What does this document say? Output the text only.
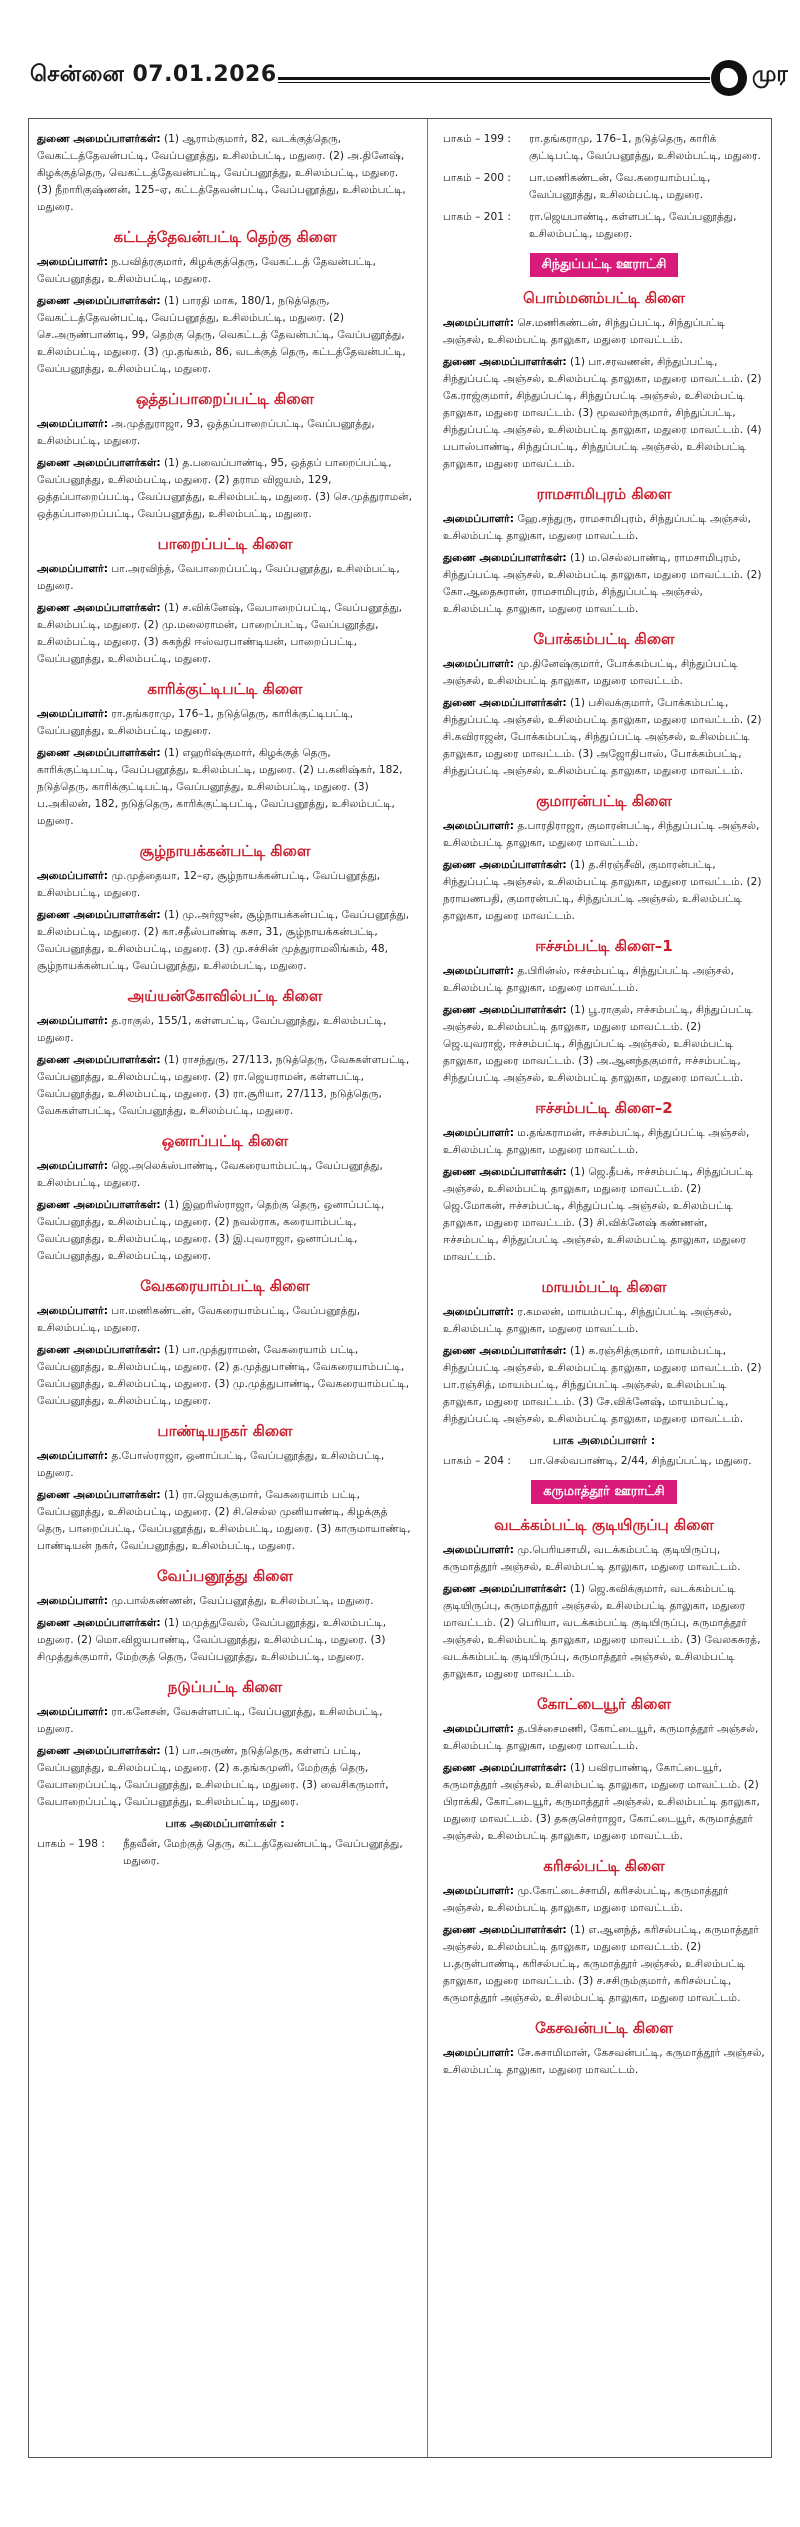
சென்னை 07.01.2026	முர

துணை அமைப்பாளர்கள்: (1) ஆராம்குமார், 82, வடக்குத்தெரு, வேகட்டத்தேவன்பட்டி, வேப்பனூத்து, உசிலம்பட்டி, மதுரை. (2) அ.தினேஷ், கிழக்குத்தெரு, வெகட்டத்தேவன்பட்டி, வேப்பனூத்து, உசிலம்பட்டி, மதுரை. (3) நீறாரிகுஷ்ணன், 125–ஏ, கட்டத்தேவன்பட்டி, வேப்பனூத்து, உசிலம்பட்டி, மதுரை.

கட்டத்தேவன்பட்டி தெற்கு கிளை

அமைப்பாளர்: ந.பவித்ரகுமார், கிழக்குத்தெரு, வேகட்டத் தேவன்பட்டி, வேப்பனூத்து, உசிலம்பட்டி, மதுரை.

துணை அமைப்பாளர்கள்: (1) பாரதி மாக, 180/1, நடுத்தெரு, வேகட்டத்தேவன்பட்டி, வேப்பனூத்து, உசிலம்பட்டி, மதுரை. (2) செ.அருண்பாண்டி, 99, தெற்கு தெரு, வெகட்டத் தேவன்பட்டி, வேப்பனூத்து, உசிலம்பட்டி, மதுரை. (3) மு.தங்கம், 86, வடக்குத் தெரு, கட்டத்தேவன்பட்டி, வேப்பனூத்து, உசிலம்பட்டி, மதுரை.

ஒத்தப்பாறைப்பட்டி கிளை

அமைப்பாளர்: அ.முத்துராஜா, 93, ஒத்தப்பாறைப்பட்டி, வேப்பனூத்து, உசிலம்பட்டி, மதுரை.

துணை அமைப்பாளர்கள்: (1) த.பவைப்பாண்டி, 95, ஒத்தப் பாறைப்பட்டி, வேப்பனூத்து, உசிலம்பட்டி, மதுரை. (2) தராம விஜயம், 129, ஒத்தப்பாறைப்பட்டி, வேப்பனூத்து, உசிலம்பட்டி, மதுரை. (3) செ.முத்துராமன், ஒத்தப்பாறைப்பட்டி, வேப்பனூத்து, உசிலம்பட்டி, மதுரை.

பாறைப்பட்டி கிளை

அமைப்பாளர்: பா.அரவிந்த், வேபாறைப்பட்டி, வேப்பனூத்து, உசிலம்பட்டி, மதுரை.

துணை அமைப்பாளர்கள்: (1) ச.விக்னேஷ், வேபாறைப்பட்டி, வேப்பனூத்து, உசிலம்பட்டி, மதுரை. (2) மு.மலைராமன், பாறைப்பட்டி, வேப்பனூத்து, உசிலம்பட்டி, மதுரை. (3) சுகந்தி ஈஸ்வரபாண்டியன், பாறைப்பட்டி, வேப்பனூத்து, உசிலம்பட்டி, மதுரை.

காரிக்குட்டிபட்டி கிளை

அமைப்பாளர்: ரா.தங்கராமு, 176–1, நடுத்தெரு, காரிக்குட்டிபட்டி, வேப்பனூத்து, உசிலம்பட்டி, மதுரை.

துணை அமைப்பாளர்கள்: (1) எஹரிஷ்குமார், கிழக்குத் தெரு, காரிக்குட்டிபட்டி, வேப்பனூத்து, உசிலம்பட்டி, மதுரை. (2) ப.கனிஷ்கர், 182, நடுத்தெரு, காரிக்குட்டிபட்டி, வேப்பனூத்து, உசிலம்பட்டி, மதுரை. (3) ப.அகிலன், 182, நடுத்தெரு, காரிக்குட்டிபட்டி, வேப்பனூத்து, உசிலம்பட்டி, மதுரை.

சூழ்நாயக்கன்பட்டி கிளை

அமைப்பாளர்: மு.முத்தையா, 12–ஏ, சூழ்நாயக்கன்பட்டி, வேப்பனூத்து, உசிலம்பட்டி, மதுரை.

துணை அமைப்பாளர்கள்: (1) மு.அர்ஜுன், சூழ்நாயக்கன்பட்டி, வேப்பனூத்து, உசிலம்பட்டி, மதுரை. (2) கா.சதீஸ்பாண்டி கசா, 31, சூழ்நாயக்கன்பட்டி, வேப்பனூத்து, உசிலம்பட்டி, மதுரை. (3) மு.சச்சின் முத்துராமலிங்கம், 48, சூழ்நாயக்கன்பட்டி, வேப்பனூத்து, உசிலம்பட்டி, மதுரை.

அய்யன்கோவில்பட்டி கிளை

அமைப்பாளர்: த.ராகுல், 155/1, கள்ளபட்டி, வேப்பனூத்து, உசிலம்பட்டி, மதுரை.

துணை அமைப்பாளர்கள்: (1) ராசந்துரு, 27/113, நடுத்தெரு, வேசுகள்ளபட்டி, வேப்பனூத்து, உசிலம்பட்டி, மதுரை. (2) ரா.ஜெயராமன், கள்ளபட்டி, வேப்பனூத்து, உசிலம்பட்டி, மதுரை. (3) ரா.சூரியா, 27/113, நடுத்தெரு, வேசுகள்ளபட்டி, வேப்பனூத்து, உசிலம்பட்டி, மதுரை.

ஒனாப்பட்டி கிளை

அமைப்பாளர்: ஜெ.அலெக்ஸ்பாண்டி, வேகரையாம்பட்டி, வேப்பனூத்து, உசிலம்பட்டி, மதுரை.

துணை அமைப்பாளர்கள்: (1) இஹரிஸ்ராஜா, தெற்கு தெரு, ஒனாப்பட்டி, வேப்பனூத்து, உசிலம்பட்டி, மதுரை. (2) நவல்ராக, கரையாம்பட்டி, வேப்பனூத்து, உசிலம்பட்டி, மதுரை. (3) இ.புவராஜா, ஒனாப்பட்டி, வேப்பனூத்து, உசிலம்பட்டி, மதுரை.

வேகரையாம்பட்டி கிளை

அமைப்பாளர்: பா.மணிகண்டன், வேகரையாம்பட்டி, வேப்பனூத்து, உசிலம்பட்டி, மதுரை.

துணை அமைப்பாளர்கள்: (1) பா.முத்துராமன், வேகரையாம் பட்டி, வேப்பனூத்து, உசிலம்பட்டி, மதுரை. (2) த.முத்துபாண்டி, வேகரையாம்பட்டி, வேப்பனூத்து, உசிலம்பட்டி, மதுரை. (3) மு.முத்துபாண்டி, வேகரையாம்பட்டி, வேப்பனூத்து, உசிலம்பட்டி, மதுரை.

பாண்டியநகர் கிளை

அமைப்பாளர்: த.போஸ்ராஜா, ஒனாப்பட்டி, வேப்பனூத்து, உசிலம்பட்டி, மதுரை.

துணை அமைப்பாளர்கள்: (1) ரா.ஜெயக்குமார், வேகரையாம் பட்டி, வேப்பனூத்து, உசிலம்பட்டி, மதுரை. (2) சி.செல்ல முனியாண்டி, கிழக்குத் தெரு, பாறைப்பட்டி, வேப்பனூத்து, உசிலம்பட்டி, மதுரை. (3) காருமாயாண்டி, பாண்டியன் நகர், வேப்பனூத்து, உசிலம்பட்டி, மதுரை.

வேப்பனூத்து கிளை

அமைப்பாளர்: மு.பால்கண்ணன், வேப்பனூத்து, உசிலம்பட்டி, மதுரை.

துணை அமைப்பாளர்கள்: (1) மமுத்துவேல், வேப்பனூத்து, உசிலம்பட்டி, மதுரை. (2) மொ.விஜயபாண்டி, வேப்பனூத்து, உசிலம்பட்டி, மதுரை. (3) சிமுத்துக்குமார், மேற்குத் தெரு, வேப்பனூத்து, உசிலம்பட்டி, மதுரை.

நடுப்பட்டி கிளை

அமைப்பாளர்: ரா.கனேசன், வேசுள்ளபட்டி, வேப்பனூத்து, உசிலம்பட்டி, மதுரை.

துணை அமைப்பாளர்கள்: (1) பா.அருண், நடுத்தெரு, கள்ளப் பட்டி, வேப்பனூத்து, உசிலம்பட்டி, மதுரை. (2) க.தங்கமுனி, மேற்குத் தெரு, வேபாறைப்பட்டி, வேப்பனூத்து, உசிலம்பட்டி, மதுரை. (3) வைசிகருமார், வேபாறைப்பட்டி, வேப்பனூத்து, உசிலம்பட்டி, மதுரை.

பாக அமைப்பாளர்கள் :
பாகம் – 198 :	நீதவீன், மேற்குத் தெரு, கட்டத்தேவன்பட்டி, வேப்பனூத்து, மதுரை.
பாகம் – 199 :	ரா.தங்கராமு, 176–1, நடுத்தெரு, காரிக் குட்டிபட்டி, வேப்பனூத்து, உசிலம்பட்டி, மதுரை.
பாகம் – 200 :	பா.மணிகண்டன், வே.கரையாம்பட்டி, வேப்பனூத்து, உசிலம்பட்டி, மதுரை.
பாகம் – 201 :	ரா.ஜெயபாண்டி, கள்ளபட்டி, வேப்பனூத்து, உசிலம்பட்டி, மதுரை.
சிந்துப்பட்டி ஊராட்சி
பொம்மனம்பட்டி கிளை

அமைப்பாளர்: செ.மணிகண்டன், சிந்துப்பட்டி, சிந்துப்பட்டி அஞ்சல், உசிலம்பட்டி தாலுகா, மதுரை மாவட்டம்.

துணை அமைப்பாளர்கள்: (1) பா.சரவணன், சிந்துப்பட்டி, சிந்துப்பட்டி அஞ்சல், உசிலம்பட்டி தாலுகா, மதுரை மாவட்டம். (2) கே.ராஜ்குமார், சிந்துப்பட்டி, சிந்துப்பட்டி அஞ்சல், உசிலம்பட்டி தாலுகா, மதுரை மாவட்டம். (3) மூவலர்நகுமார், சிந்துப்பட்டி, சிந்துப்பட்டி அஞ்சல், உசிலம்பட்டி தாலுகா, மதுரை மாவட்டம். (4) பபாஸ்பாண்டி, சிந்துப்பட்டி, சிந்துப்பட்டி அஞ்சல், உசிலம்பட்டி தாலுகா, மதுரை மாவட்டம்.

ராமசாமிபுரம் கிளை

அமைப்பாளர்: ஹே.சந்துரு, ராமசாமிபுரம், சிந்துப்பட்டி அஞ்சல், உசிலம்பட்டி தாலுகா, மதுரை மாவட்டம்.

துணை அமைப்பாளர்கள்: (1) ம.செல்லபாண்டி, ராமசாமிபுரம், சிந்துப்பட்டி அஞ்சல், உசிலம்பட்டி தாலுகா, மதுரை மாவட்டம். (2) கோ.ஆதைசுரான், ராமசாமிபுரம், சிந்துப்பட்டி அஞ்சல், உசிலம்பட்டி தாலுகா, மதுரை மாவட்டம்.

போக்கம்பட்டி கிளை

அமைப்பாளர்: மு.தினேஷ்குமார், போக்கம்பட்டி, சிந்துப்பட்டி அஞ்சல், உசிலம்பட்டி தாலுகா, மதுரை மாவட்டம்.

துணை அமைப்பாளர்கள்: (1) பசிவக்குமார், போக்கம்பட்டி, சிந்துப்பட்டி அஞ்சல், உசிலம்பட்டி தாலுகா, மதுரை மாவட்டம். (2) சி.கவிராஜன், போக்கம்பட்டி, சிந்துப்பட்டி அஞ்சல், உசிலம்பட்டி தாலுகா, மதுரை மாவட்டம். (3) அஜோதிபாஸ், போக்கம்பட்டி, சிந்துப்பட்டி அஞ்சல், உசிலம்பட்டி தாலுகா, மதுரை மாவட்டம்.

குமாரன்பட்டி கிளை

அமைப்பாளர்: த.பாரதிராஜா, குமாரன்பட்டி, சிந்துப்பட்டி அஞ்சல், உசிலம்பட்டி தாலுகா, மதுரை மாவட்டம்.

துணை அமைப்பாளர்கள்: (1) த.சிரஞ்சீவி, குமாரன்பட்டி, சிந்துப்பட்டி அஞ்சல், உசிலம்பட்டி தாலுகா, மதுரை மாவட்டம். (2) நராயணபதி, குமாரன்பட்டி, சிந்துப்பட்டி அஞ்சல், உசிலம்பட்டி தாலுகா, மதுரை மாவட்டம்.

ஈச்சம்பட்டி கிளை–1

அமைப்பாளர்: த.பிரின்ஸ், ஈச்சம்பட்டி, சிந்துப்பட்டி அஞ்சல், உசிலம்பட்டி தாலுகா, மதுரை மாவட்டம்.

துணை அமைப்பாளர்கள்: (1) பூ.ராகுல், ஈச்சம்பட்டி, சிந்துப்பட்டி அஞ்சல், உசிலம்பட்டி தாலுகா, மதுரை மாவட்டம். (2) ஜெ.யுவராஜ், ஈச்சம்பட்டி, சிந்துப்பட்டி அஞ்சல், உசிலம்பட்டி தாலுகா, மதுரை மாவட்டம். (3) அ.ஆனந்தகுமார், ஈச்சம்பட்டி, சிந்துப்பட்டி அஞ்சல், உசிலம்பட்டி தாலுகா, மதுரை மாவட்டம்.

ஈச்சம்பட்டி கிளை–2

அமைப்பாளர்: ம.தங்கராமன், ஈச்சம்பட்டி, சிந்துப்பட்டி அஞ்சல், உசிலம்பட்டி தாலுகா, மதுரை மாவட்டம்.

துணை அமைப்பாளர்கள்: (1) ஜெ.தீபக், ஈச்சம்பட்டி, சிந்துப்பட்டி அஞ்சல், உசிலம்பட்டி தாலுகா, மதுரை மாவட்டம். (2) ஜெ.மோகன், ஈச்சம்பட்டி, சிந்துப்பட்டி அஞ்சல், உசிலம்பட்டி தாலுகா, மதுரை மாவட்டம். (3) சி.விக்னேஷ் கண்ணன், ஈச்சம்பட்டி, சிந்துப்பட்டி அஞ்சல், உசிலம்பட்டி தாலுகா, மதுரை மாவட்டம்.

மாயம்பட்டி கிளை

அமைப்பாளர்: ர.கமலன், மாயம்பட்டி, சிந்துப்பட்டி அஞ்சல், உசிலம்பட்டி தாலுகா, மதுரை மாவட்டம்.

துணை அமைப்பாளர்கள்: (1) க.ரஞ்சித்குமார், மாயம்பட்டி, சிந்துப்பட்டி அஞ்சல், உசிலம்பட்டி தாலுகா, மதுரை மாவட்டம். (2) பா.ரஞ்சித், மாயம்பட்டி, சிந்துப்பட்டி அஞ்சல், உசிலம்பட்டி தாலுகா, மதுரை மாவட்டம். (3) சே.விக்னேஷ், மாயம்பட்டி, சிந்துப்பட்டி அஞ்சல், உசிலம்பட்டி தாலுகா, மதுரை மாவட்டம்.

பாக அமைப்பாளர் :
பாகம் – 204 :	பா.செல்வபாண்டி, 2/44, சிந்துப்பட்டி, மதுரை.
கருமாத்தூர் ஊராட்சி
வடக்கம்பட்டி குடியிருப்பு கிளை

அமைப்பாளர்: மு.பெரியசாமி, வடக்கம்பட்டி குடியிருப்பு, கருமாத்தூர் அஞ்சல், உசிலம்பட்டி தாலுகா, மதுரை மாவட்டம்.

துணை அமைப்பாளர்கள்: (1) ஜெ.கவிக்குமார், வடக்கம்பட்டி குடியிருப்பு, கருமாத்தூர் அஞ்சல், உசிலம்பட்டி தாலுகா, மதுரை மாவட்டம். (2) பெரியா, வடக்கம்பட்டி குடியிருப்பு, கருமாத்தூர் அஞ்சல், உசிலம்பட்டி தாலுகா, மதுரை மாவட்டம். (3) வேலகசுரத், வடக்கம்பட்டி குடியிருப்பு, கருமாத்தூர் அஞ்சல், உசிலம்பட்டி தாலுகா, மதுரை மாவட்டம்.

கோட்டையூர் கிளை

அமைப்பாளர்: த.பிச்சைமணி, கோட்டையூர், கருமாத்தூர் அஞ்சல், உசிலம்பட்டி தாலுகா, மதுரை மாவட்டம்.

துணை அமைப்பாளர்கள்: (1) பவிரபாண்டி, கோட்டையூர், கருமாத்தூர் அஞ்சல், உசிலம்பட்டி தாலுகா, மதுரை மாவட்டம். (2) பிராக்கி, கோட்டையூர், கருமாத்தூர் அஞ்சல், உசிலம்பட்டி தாலுகா, மதுரை மாவட்டம். (3) தசுகுசெர்ராஜா, கோட்டையூர், கருமாத்தூர் அஞ்சல், உசிலம்பட்டி தாலுகா, மதுரை மாவட்டம்.

கரிசல்பட்டி கிளை

அமைப்பாளர்: மு.கோட்டைச்சாமி, கரிசல்பட்டி, கருமாத்தூர் அஞ்சல், உசிலம்பட்டி தாலுகா, மதுரை மாவட்டம்.

துணை அமைப்பாளர்கள்: (1) எ.ஆனந்த், கரிசல்பட்டி, கருமாத்தூர் அஞ்சல், உசிலம்பட்டி தாலுகா, மதுரை மாவட்டம். (2) ப.தருள்பாண்டி, கரிசல்பட்டி, கருமாத்தூர் அஞ்சல், உசிலம்பட்டி தாலுகா, மதுரை மாவட்டம். (3) ச.சசிரும்குமார், கரிசல்பட்டி, கருமாத்தூர் அஞ்சல், உசிலம்பட்டி தாலுகா, மதுரை மாவட்டம்.

கேசவன்பட்டி கிளை

அமைப்பாளர்: சே.சுசாமிமான், கேசவன்பட்டி, கருமாத்தூர் அஞ்சல், உசிலம்பட்டி தாலுகா, மதுரை மாவட்டம்.
